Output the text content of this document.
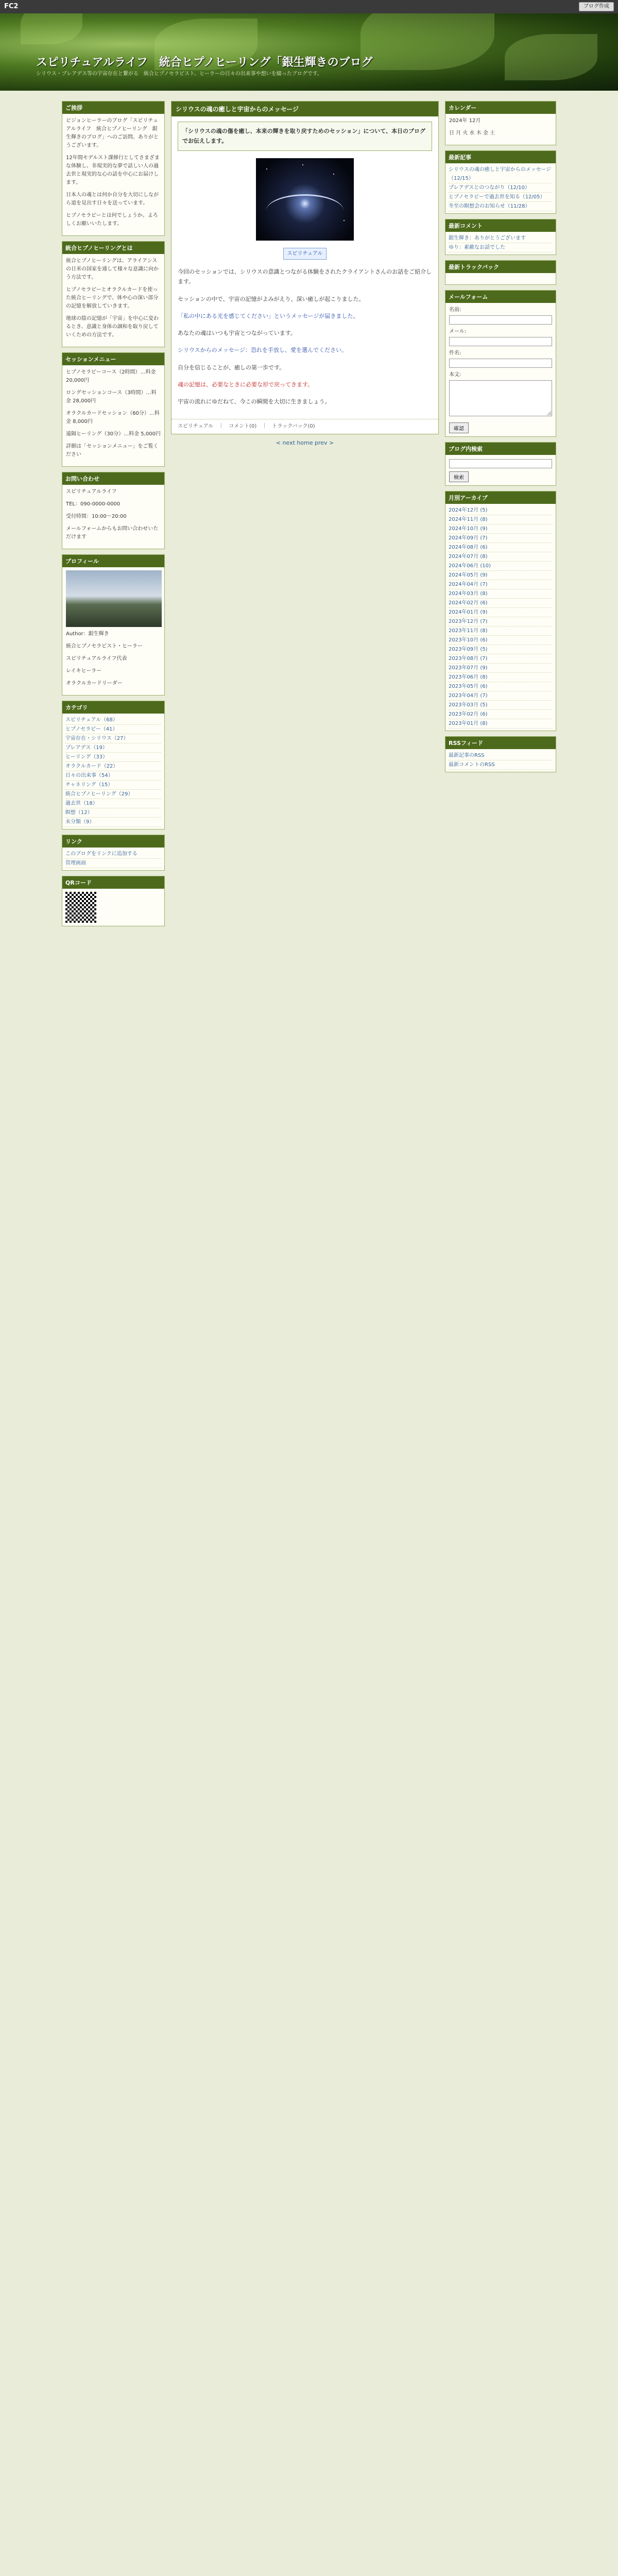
FC2	ブログ作成
スピリチュアルライフ　統合ヒプノヒーリング「銀生輝きのブログ
シリウス・プレアデス等の宇宙存在と繋がる　統合ヒプノセラピスト、ヒーラーの日々の出来事や想いを綴ったブログです。
ご挨拶

ビジョンヒーラーのブログ「スピリチュアルライフ　統合ヒプノヒーリング　銀生輝きのブログ」へのご訪問、ありがとうございます。

12年間モデルスト課修行としてさまざまな体験し、非現実的な夢で話しい人の過去世と現実的な心の話を中心にお届けします。

日本人の魂とは何か自分を大切にしながら道を見出す日々を送っています。

ヒプノセラピーとは何でしょうか。よろしくお願いいたします。

統合ヒプノヒーリングとは

統合ヒプノヒーリングは、アライアンスの日米の国家を通して様々な意識に向かう方法です。

ヒプノセラピーとオラクルカードを使った統合ヒーリングで、体や心の深い部分の記憶を解放していきます。

地球の陰の記憶が「宇宙」を中心に変わるとき、意識と身体の調和を取り戻していくための方法です。

セッションメニュー

ヒプノセラピーコース（2時間）…料金 20,000円

ロングセッションコース（3時間）…料金 28,000円

オラクルカードセッション（60分）…料金 8,000円

遠隔ヒーリング（30分）…料金 5,000円

詳細は「セッションメニュー」をご覧ください

お問い合わせ

スピリチュアルライフ

TEL：090-0000-0000

受付時間：10:00〜20:00

メールフォームからもお問い合わせいただけます

プロフィール

Author：銀生輝き

統合ヒプノセラピスト・ヒーラー

スピリチュアルライフ代表

レイキヒーラー

オラクルカードリーダー

カテゴリ
スピリチュアル（68）
ヒプノセラピー（41）
宇宙存在・シリウス（27）
プレアデス（19）
ヒーリング（33）
オラクルカード（22）
日々の出来事（54）
チャネリング（15）
統合ヒプノヒーリング（29）
過去世（18）
瞑想（12）
未分類（9）
リンク
このブログをリンクに追加する
管理画面
QRコード
シリウスの魂の癒しと宇宙からのメッセージ

「シリウスの魂の傷を癒し、本来の輝きを取り戻すためのセッション」について、本日のブログでお伝えします。

スピリチュアル

今回のセッションでは、シリウスの意識とつながる体験をされたクライアントさんのお話をご紹介します。

セッションの中で、宇宙の記憶がよみがえり、深い癒しが起こりました。

「私の中にある光を感じてください」というメッセージが届きました。

あなたの魂はいつも宇宙とつながっています。

シリウスからのメッセージ：恐れを手放し、愛を選んでください。

自分を信じることが、癒しの第一歩です。

魂の記憶は、必要なときに必要な形で戻ってきます。

宇宙の流れにゆだねて、今この瞬間を大切に生きましょう。

スピリチュアル　｜　コメント(0)　｜　トラックバック(0)
< next home prev >
カレンダー

2024年 12月

日 月 火 水 木 金 土

最新記事
シリウスの魂の癒しと宇宙からのメッセージ（12/15）
プレアデスとのつながり（12/10）
ヒプノセラピーで過去世を知る（12/05）
冬至の瞑想会のお知らせ（11/28）
最新コメント
銀生輝き：ありがとうございます
ゆり：素敵なお話でした
最新トラックバック
メールフォーム
名前:
メール:
件名:
本文:
確認
ブログ内検索
検索
月別アーカイブ
2024年12月 (5)
2024年11月 (8)
2024年10月 (9)
2024年09月 (7)
2024年08月 (6)
2024年07月 (8)
2024年06月 (10)
2024年05月 (9)
2024年04月 (7)
2024年03月 (8)
2024年02月 (6)
2024年01月 (9)
2023年12月 (7)
2023年11月 (8)
2023年10月 (6)
2023年09月 (5)
2023年08月 (7)
2023年07月 (9)
2023年06月 (8)
2023年05月 (6)
2023年04月 (7)
2023年03月 (5)
2023年02月 (6)
2023年01月 (8)
RSSフィード
最新記事のRSS
最新コメントのRSS
